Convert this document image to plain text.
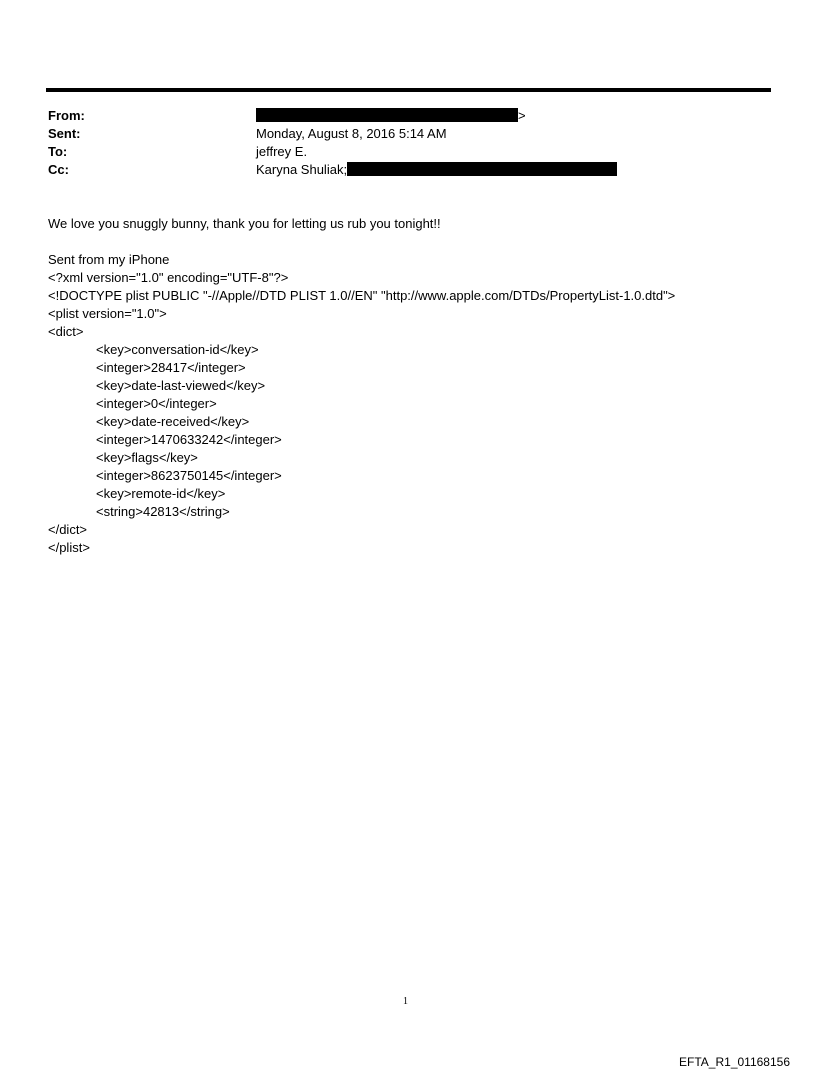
From:	>
Sent:	Monday, August 8, 2016 5:14 AM
To:	jeffrey E.
Cc:	Karyna Shuliak;
We love you snuggly bunny, thank you for letting us rub you tonight!!
Sent from my iPhone
<?xml version="1.0" encoding="UTF-8"?>
<!DOCTYPE plist PUBLIC "-//Apple//DTD PLIST 1.0//EN" "http://www.apple.com/DTDs/PropertyList-1.0.dtd">
<plist version="1.0">
<dict>
<key>conversation-id</key>
<integer>28417</integer>
<key>date-last-viewed</key>
<integer>0</integer>
<key>date-received</key>
<integer>1470633242</integer>
<key>flags</key>
<integer>8623750145</integer>
<key>remote-id</key>
<string>42813</string>
</dict>
</plist>
1
EFTA_R1_01168156
